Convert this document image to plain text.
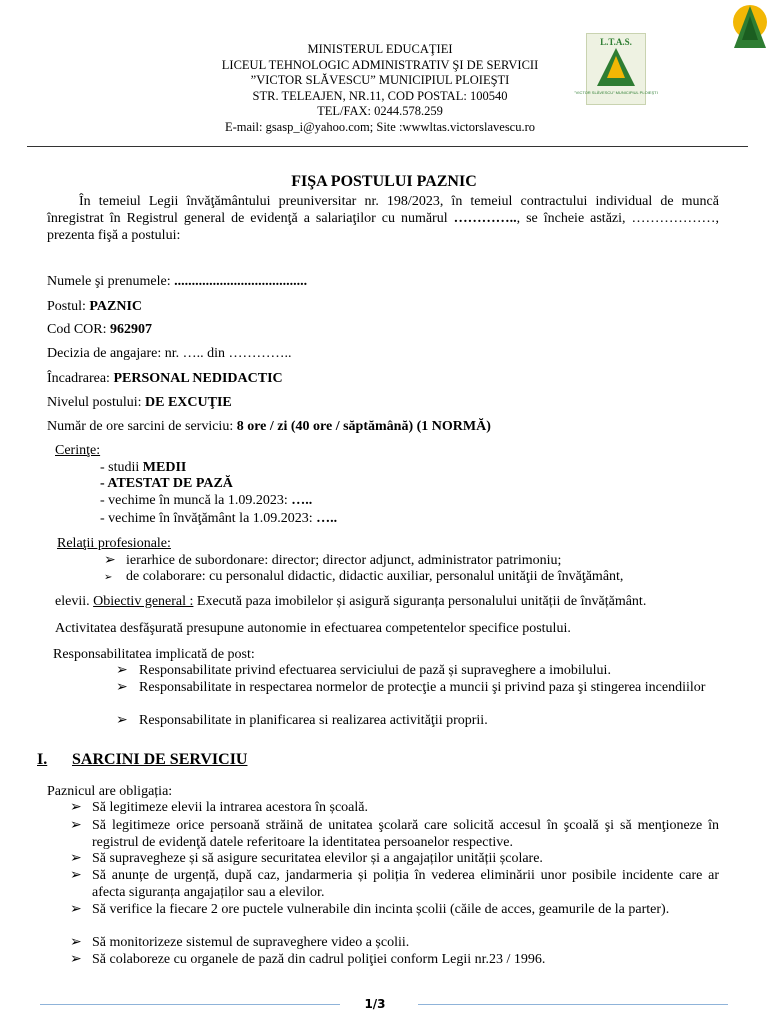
MINISTERUL EDUCAŢIEI
LICEUL TEHNOLOGIC ADMINISTRATIV ŞI DE SERVICII
”VICTOR SLĂVESCU” MUNICIPIUL PLOIEŞTI
STR. TELEAJEN, NR.11, COD POSTAL: 100540
TEL/FAX: 0244.578.259
E-mail: gsasp_i@yahoo.com; Site :wwwltas.victorslavescu.ro
L.T.A.S.
”VICTOR SLĂVESCU” MUNICIPIUL PLOIEŞTI
FIŞA POSTULUI PAZNIC
În temeiul Legii învăţământului preuniversitar nr. 198/2023, în temeiul contractului individual de muncă înregistrat în Registrul general de evidenţă a salariaţilor cu numărul ………….., se încheie astăzi, ………………, prezenta fişă a postului:
Numele şi prenumele: ......................................
Postul: PAZNIC
Cod COR: 962907
Decizia de angajare: nr. ….. din …………..
Încadrarea: PERSONAL NEDIDACTIC
Nivelul postului: DE EXCUŢIE
Număr de ore sarcini de serviciu: 8 ore / zi (40 ore / săptămână) (1 NORMĂ)
Cerinţe:
- studii MEDII
- ATESTAT DE PAZĂ
- vechime în muncă la 1.09.2023: …..
- vechime în învăţământ la 1.09.2023: …..
Relaţii profesionale:
➢ ierarhice de subordonare: director; director adjunct, administrator patrimoniu;
➢ de colaborare: cu personalul didactic, didactic auxiliar, personalul unităţii de învăţământ,
elevii. Obiectiv general : Execută paza imobilelor și asigură siguranța personalului unității de învățământ.
Activitatea desfăşurată presupune autonomie in efectuarea competentelor specifice postului.
Responsabilitatea implicată de post:
➢ Responsabilitate privind efectuarea serviciului de pază și supraveghere a imobilului.
➢ Responsabilitate in respectarea normelor de protecţie a muncii şi privind paza şi stingerea incendiilor
➢ Responsabilitate in planificarea si realizarea activităţii proprii.
I. SARCINI DE SERVICIU
Paznicul are obligația:
➢ Să legitimeze elevii la intrarea acestora în școală.
➢ Să legitimeze orice persoană străină de unitatea şcolară care solicită accesul în şcoală şi să menţioneze în registrul de evidenţă datele referitoare la identitatea persoanelor respective.
➢ Să supravegheze și să asigure securitatea elevilor și a angajaților unității școlare.
➢ Să anunțe de urgență, după caz, jandarmeria și poliția în vederea eliminării unor posibile incidente care ar afecta siguranța angajaților sau a elevilor.
➢ Să verifice la fiecare 2 ore puctele vulnerabile din incinta școlii (căile de acces, geamurile de la parter).
➢ Să monitorizeze sistemul de supraveghere video a școlii.
➢ Să colaboreze cu organele de pază din cadrul poliţiei conform Legii nr.23 / 1996.
1/3
